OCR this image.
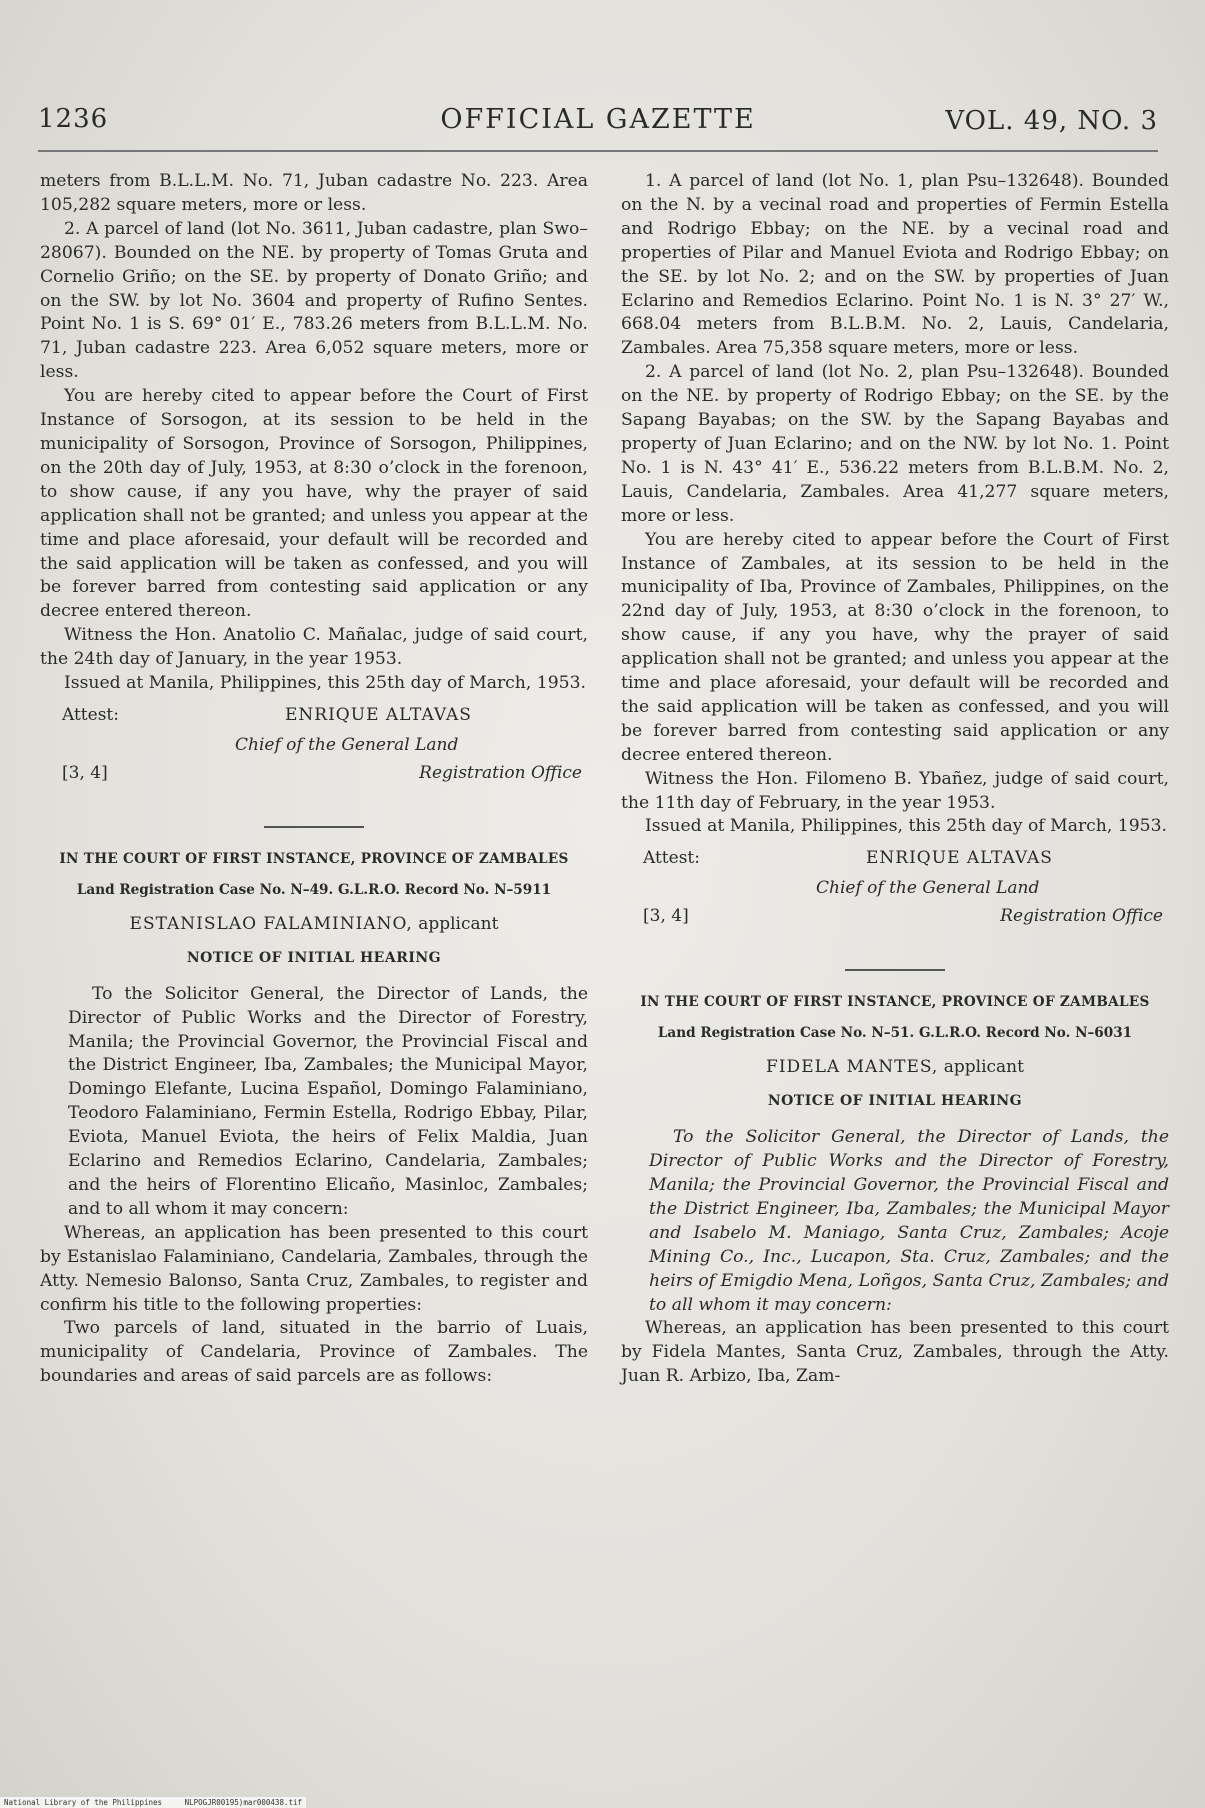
1236	OFFICIAL GAZETTE	VOL. 49, NO. 3

meters from B.L.L.M. No. 71, Juban cadastre No. 223. Area 105,282 square meters, more or less.

2. A parcel of land (lot No. 3611, Juban cadastre, plan Swo–28067). Bounded on the NE. by property of Tomas Gruta and Cornelio Griño; on the SE. by property of Donato Griño; and on the SW. by lot No. 3604 and property of Rufino Sentes. Point No. 1 is S. 69° 01′ E., 783.26 meters from B.L.L.M. No. 71, Juban cadastre 223. Area 6,052 square meters, more or less.

You are hereby cited to appear before the Court of First Instance of Sorsogon, at its session to be held in the municipality of Sorsogon, Province of Sorsogon, Philippines, on the 20th day of July, 1953, at 8:30 o’clock in the forenoon, to show cause, if any you have, why the prayer of said application shall not be granted; and unless you appear at the time and place aforesaid, your default will be recorded and the said application will be taken as confessed, and you will be forever barred from contesting said application or any decree entered thereon.

Witness the Hon. Anatolio C. Mañalac, judge of said court, the 24th day of January, in the year 1953.

Issued at Manila, Philippines, this 25th day of March, 1953.

Attest:	ENRIQUE ALTAVAS
Chief of the General Land
[3, 4]	Registration Office
IN THE COURT OF FIRST INSTANCE, PROVINCE OF ZAMBALES
Land Registration Case No. N–49. G.L.R.O. Record No. N–5911
ESTANISLAO FALAMINIANO, applicant
NOTICE OF INITIAL HEARING

To the Solicitor General, the Director of Lands, the Director of Public Works and the Director of Forestry, Manila; the Provincial Governor, the Provincial Fiscal and the District Engineer, Iba, Zambales; the Municipal Mayor, Domingo Elefante, Lucina Español, Domingo Falaminiano, Teodoro Falaminiano, Fermin Estella, Rodrigo Ebbay, Pilar, Eviota, Manuel Eviota, the heirs of Felix Maldia, Juan Eclarino and Remedios Eclarino, Candelaria, Zambales; and the heirs of Florentino Elicaño, Masinloc, Zambales; and to all whom it may concern:

Whereas, an application has been presented to this court by Estanislao Falaminiano, Candelaria, Zambales, through the Atty. Nemesio Balonso, Santa Cruz, Zambales, to register and confirm his title to the following properties:

Two parcels of land, situated in the barrio of Luais, municipality of Candelaria, Province of Zambales. The boundaries and areas of said parcels are as follows:

1. A parcel of land (lot No. 1, plan Psu–132648). Bounded on the N. by a vecinal road and properties of Fermin Estella and Rodrigo Ebbay; on the NE. by a vecinal road and properties of Pilar and Manuel Eviota and Rodrigo Ebbay; on the SE. by lot No. 2; and on the SW. by properties of Juan Eclarino and Remedios Eclarino. Point No. 1 is N. 3° 27′ W., 668.04 meters from B.L.B.M. No. 2, Lauis, Candelaria, Zambales. Area 75,358 square meters, more or less.

2. A parcel of land (lot No. 2, plan Psu–132648). Bounded on the NE. by property of Rodrigo Ebbay; on the SE. by the Sapang Bayabas; on the SW. by the Sapang Bayabas and property of Juan Eclarino; and on the NW. by lot No. 1. Point No. 1 is N. 43° 41′ E., 536.22 meters from B.L.B.M. No. 2, Lauis, Candelaria, Zambales. Area 41,277 square meters, more or less.

You are hereby cited to appear before the Court of First Instance of Zambales, at its session to be held in the municipality of Iba, Province of Zambales, Philippines, on the 22nd day of July, 1953, at 8:30 o’clock in the forenoon, to show cause, if any you have, why the prayer of said application shall not be granted; and unless you appear at the time and place aforesaid, your default will be recorded and the said application will be taken as confessed, and you will be forever barred from contesting said application or any decree entered thereon.

Witness the Hon. Filomeno B. Ybañez, judge of said court, the 11th day of February, in the year 1953.

Issued at Manila, Philippines, this 25th day of March, 1953.

Attest:	ENRIQUE ALTAVAS
Chief of the General Land
[3, 4]	Registration Office
IN THE COURT OF FIRST INSTANCE, PROVINCE OF ZAMBALES
Land Registration Case No. N–51. G.L.R.O. Record No. N–6031
FIDELA MANTES, applicant
NOTICE OF INITIAL HEARING

To the Solicitor General, the Director of Lands, the Director of Public Works and the Director of Forestry, Manila; the Provincial Governor, the Provincial Fiscal and the District Engineer, Iba, Zambales; the Municipal Mayor and Isabelo M. Maniago, Santa Cruz, Zambales; Acoje Mining Co., Inc., Lucapon, Sta. Cruz, Zambales; and the heirs of Emigdio Mena, Loñgos, Santa Cruz, Zambales; and to all whom it may concern:

Whereas, an application has been presented to this court by Fidela Mantes, Santa Cruz, Zambales, through the Atty. Juan R. Arbizo, Iba, Zam-

National Library of the Philippines	NLPOGJR00195)mar000438.tif
